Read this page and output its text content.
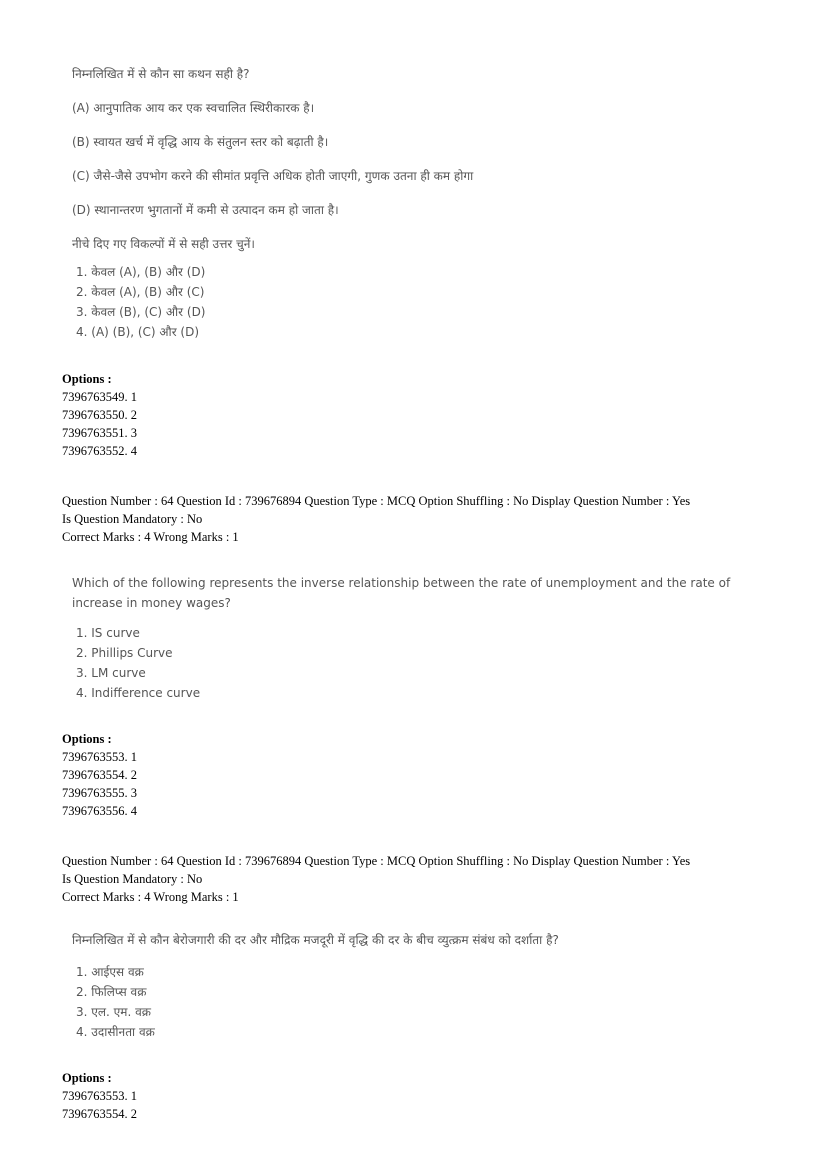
निम्नलिखित में से कौन सा कथन सही है?

(A) आनुपातिक आय कर एक स्वचालित स्थिरीकारक है।

(B) स्वायत खर्च में वृद्धि आय के संतुलन स्तर को बढ़ाती है।

(C) जैसे-जैसे उपभोग करने की सीमांत प्रवृत्ति अधिक होती जाएगी, गुणक उतना ही कम होगा

(D) स्थानान्तरण भुगतानों में कमी से उत्पादन कम हो जाता है।

नीचे दिए गए विकल्पों में से सही उत्तर चुनें।

1. केवल (A), (B) और (D)
2. केवल (A), (B) और (C)
3. केवल (B), (C) और (D)
4. (A) (B), (C) और (D)
Options :
7396763549. 1
7396763550. 2
7396763551. 3
7396763552. 4
Question Number : 64 Question Id : 739676894 Question Type : MCQ Option Shuffling : No Display Question Number : Yes
Is Question Mandatory : No
Correct Marks : 4 Wrong Marks : 1

Which of the following represents the inverse relationship between the rate of unemployment and the rate of increase in money wages?

1. IS curve
2. Phillips Curve
3. LM curve
4. Indifference curve
Options :
7396763553. 1
7396763554. 2
7396763555. 3
7396763556. 4
Question Number : 64 Question Id : 739676894 Question Type : MCQ Option Shuffling : No Display Question Number : Yes
Is Question Mandatory : No
Correct Marks : 4 Wrong Marks : 1

निम्नलिखित में से कौन बेरोजगारी की दर और मौद्रिक मजदूरी में वृद्धि की दर के बीच व्युत्क्रम संबंध को दर्शाता है?

1. आईएस वक्र
2. फिलिप्स वक्र
3. एल. एम. वक्र
4. उदासीनता वक्र
Options :
7396763553. 1
7396763554. 2
